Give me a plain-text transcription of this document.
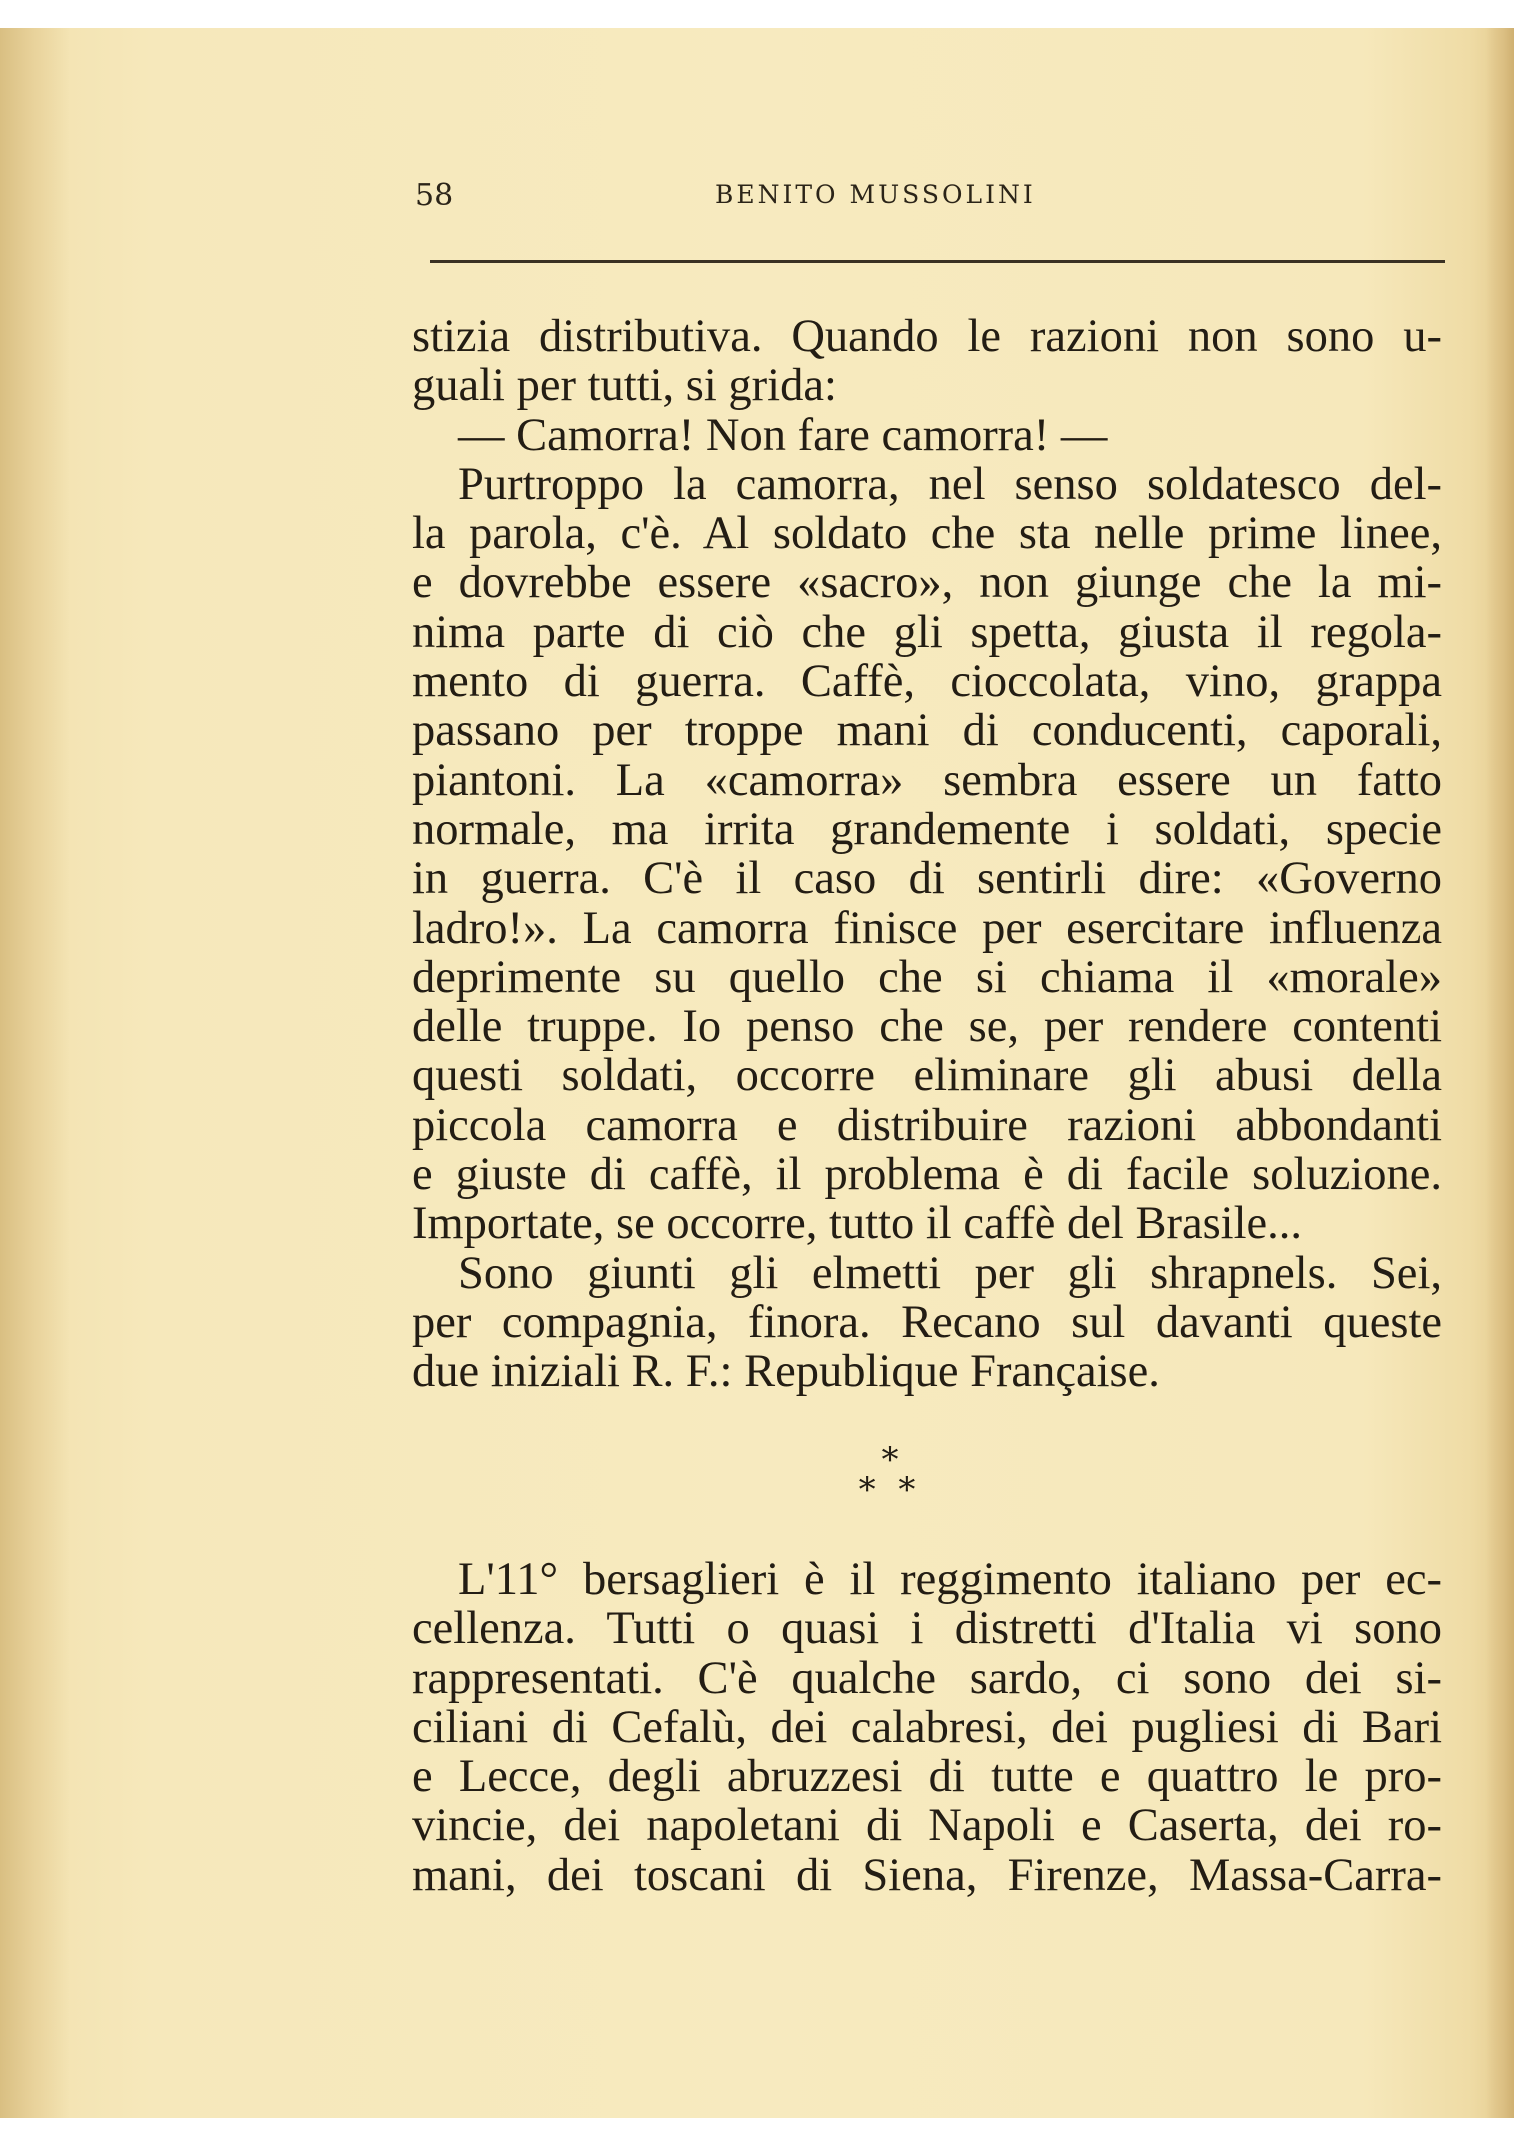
58	BENITO MUSSOLINI
stizia distributiva. Quando le razioni non sono u-
guali per tutti, si grida:
— Camorra! Non fare camorra! —
Purtroppo la camorra, nel senso soldatesco del-
la parola, c'è. Al soldato che sta nelle prime linee,
e dovrebbe essere «sacro», non giunge che la mi-
nima parte di ciò che gli spetta, giusta il regola-
mento di guerra. Caffè, cioccolata, vino, grappa
passano per troppe mani di conducenti, caporali,
piantoni. La «camorra» sembra essere un fatto
normale, ma irrita grandemente i soldati, specie
in guerra. C'è il caso di sentirli dire: «Governo
ladro!». La camorra finisce per esercitare influenza
deprimente su quello che si chiama il «morale»
delle truppe. Io penso che se, per rendere contenti
questi soldati, occorre eliminare gli abusi della
piccola camorra e distribuire razioni abbondanti
e giuste di caffè, il problema è di facile soluzione.
Importate, se occorre, tutto il caffè del Brasile...
Sono giunti gli elmetti per gli shrapnels. Sei,
per compagnia, finora. Recano sul davanti queste
due iniziali R. F.: Republique Française.
*
* *
L'11° bersaglieri è il reggimento italiano per ec-
cellenza. Tutti o quasi i distretti d'Italia vi sono
rappresentati. C'è qualche sardo, ci sono dei si-
ciliani di Cefalù, dei calabresi, dei pugliesi di Bari
e Lecce, degli abruzzesi di tutte e quattro le pro-
vincie, dei napoletani di Napoli e Caserta, dei ro-
mani, dei toscani di Siena, Firenze, Massa-Carra-
